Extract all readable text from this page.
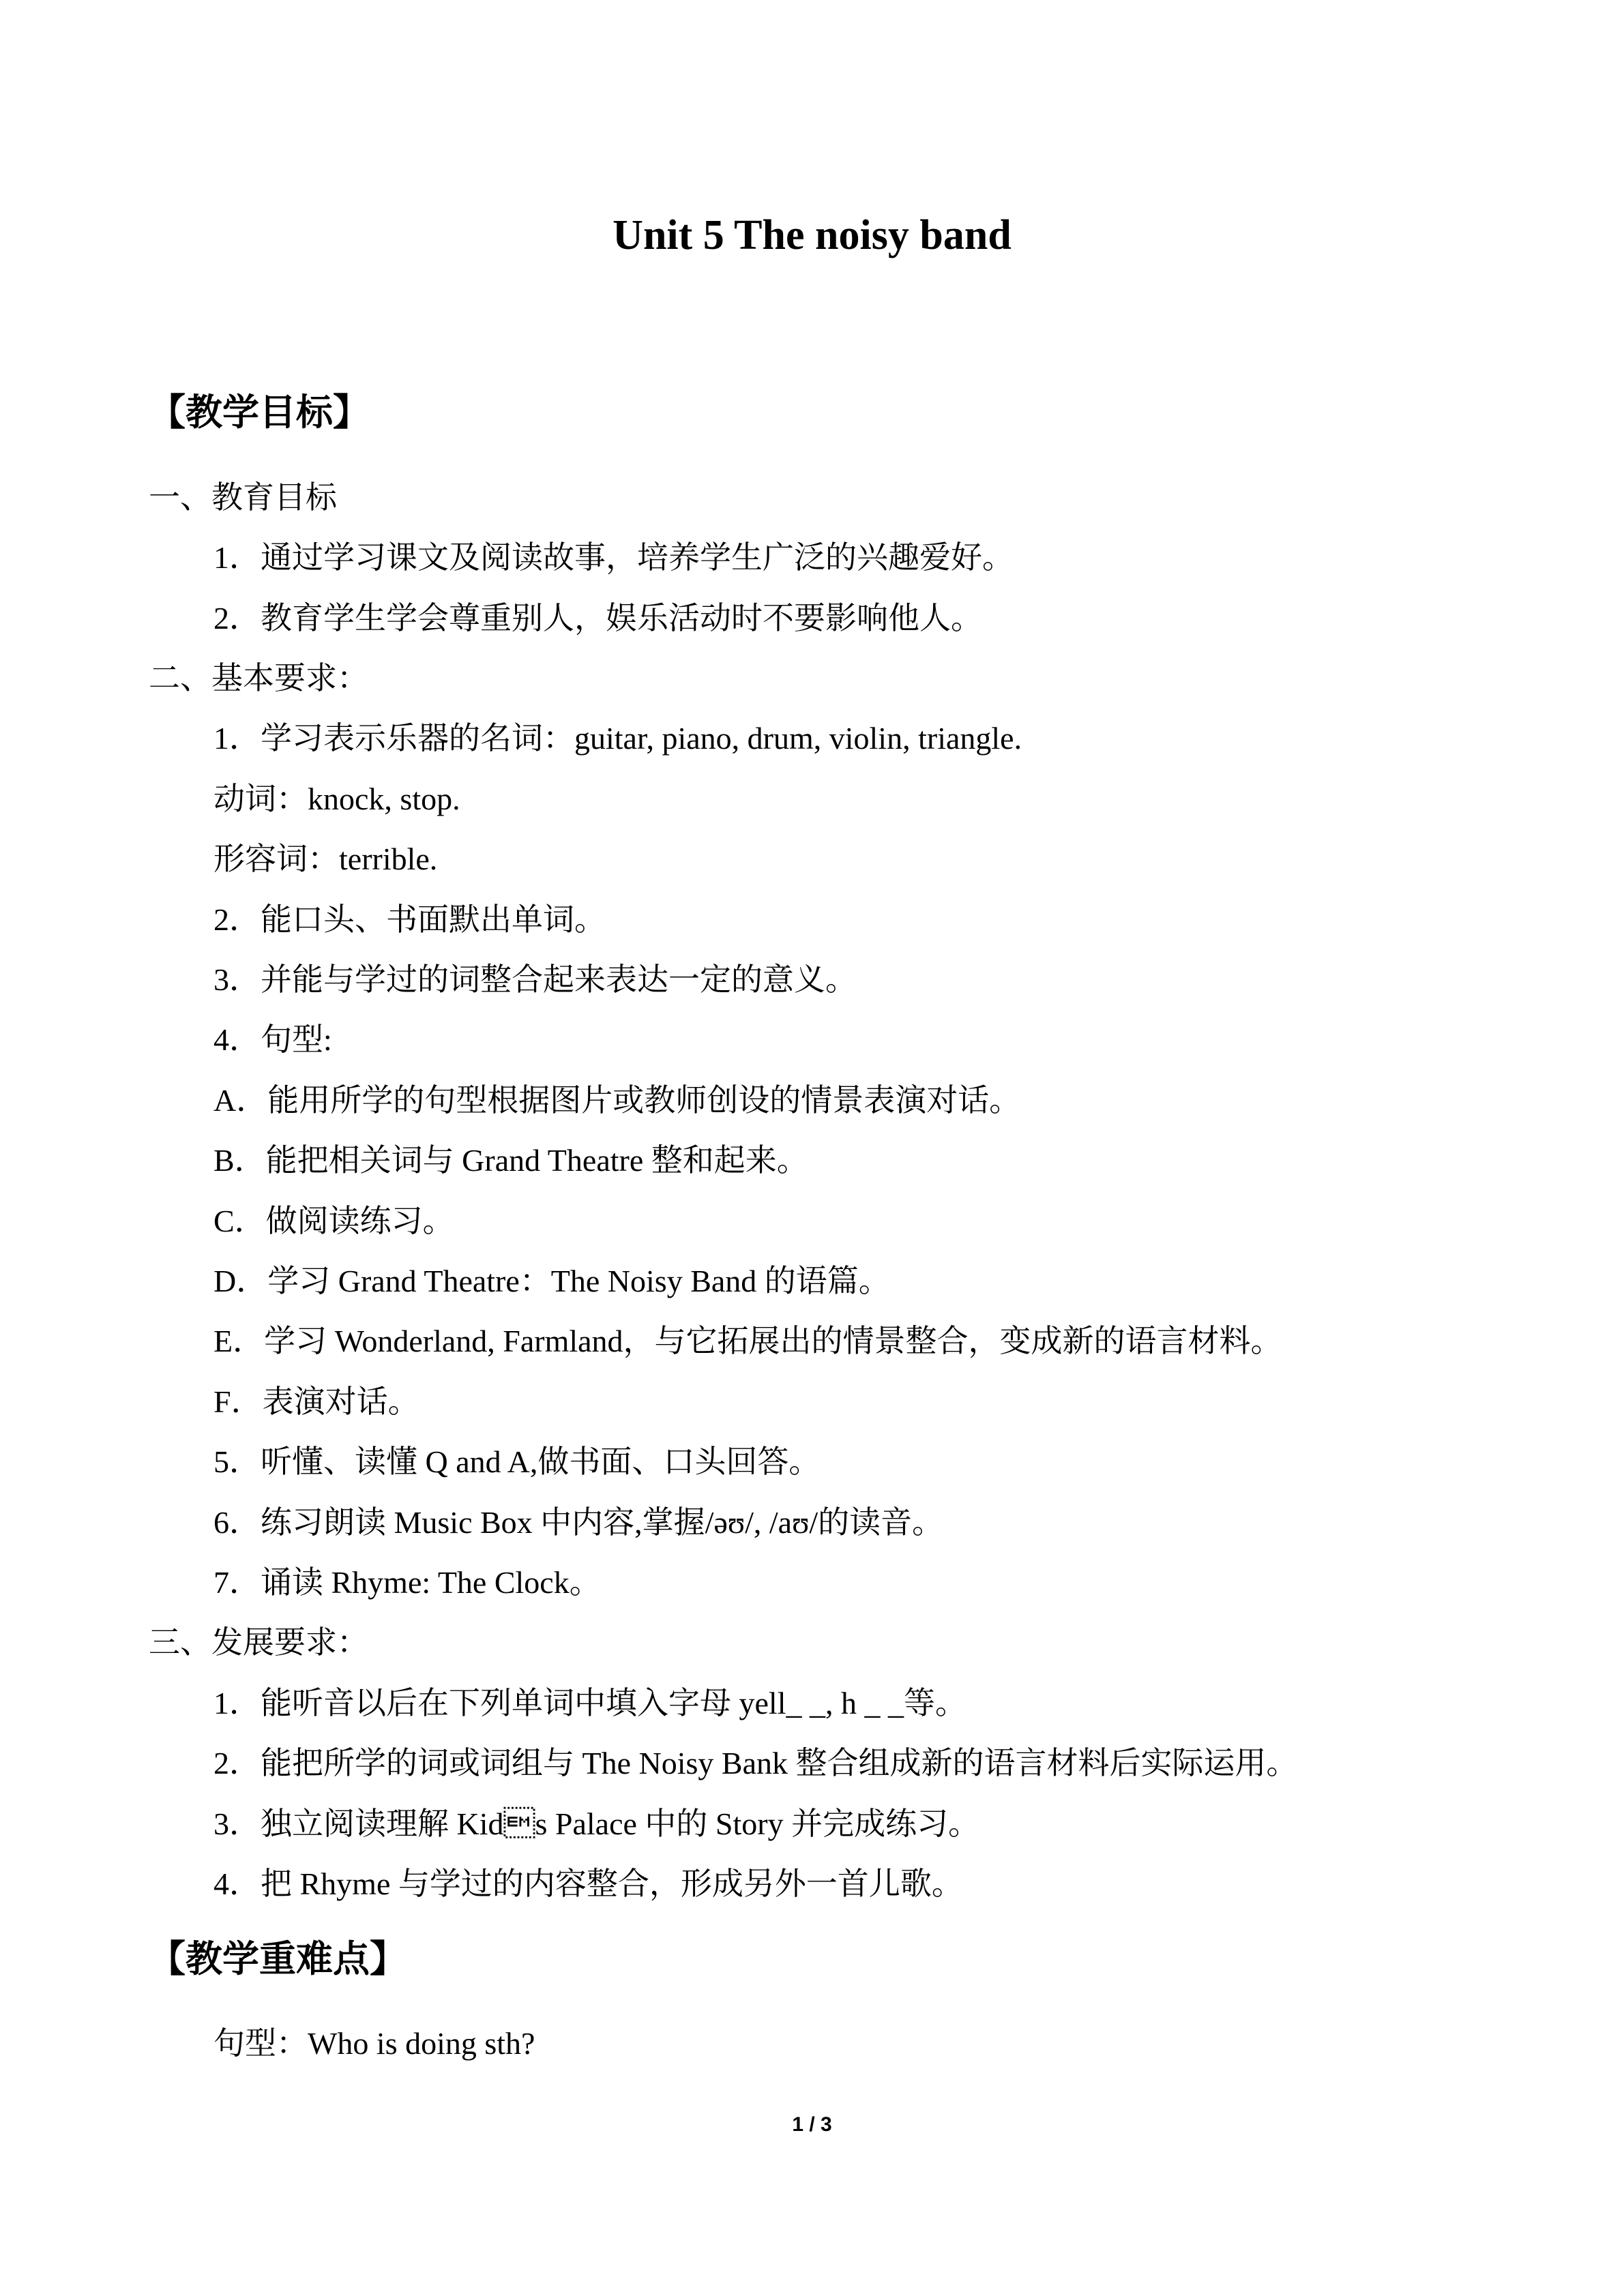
Unit 5 The noisy band
【教学目标】
一、教育目标
1．通过学习课文及阅读故事，培养学生广泛的兴趣爱好。
2．教育学生学会尊重别人，娱乐活动时不要影响他人。
二、基本要求：
1．学习表示乐器的名词：guitar, piano, drum, violin, triangle.
动词：knock, stop.
形容词：terrible.
2．能口头、书面默出单词。
3．并能与学过的词整合起来表达一定的意义。
4．句型:
A．能用所学的句型根据图片或教师创设的情景表演对话。
B．能把相关词与 Grand Theatre 整和起来。
C．做阅读练习。
D．学习 Grand Theatre：The Noisy Band 的语篇。
E．学习 Wonderland, Farmland，与它拓展出的情景整合，变成新的语言材料。
F．表演对话。
5．听懂、读懂 Q and A,做书面、口头回答。
6．练习朗读 Music Box 中内容,掌握/əʊ/, /aʊ/的读音。
7．诵读 Rhyme: The Clock。
三、发展要求：
1．能听音以后在下列单词中填入字母 yell_ _, h _ _等。
2．能把所学的词或词组与 The Noisy Bank 整合组成新的语言材料后实际运用。
3．独立阅读理解 Kids Palace 中的 Story 并完成练习。
4．把 Rhyme 与学过的内容整合，形成另外一首儿歌。
【教学重难点】
句型：Who is doing sth?
1 / 3
